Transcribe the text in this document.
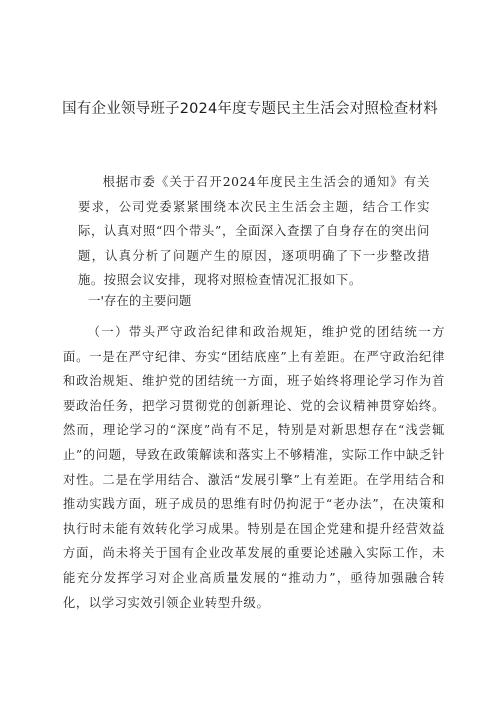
国有企业领导班子2024年度专题民主生活会对照检查材料
根据市委《关于召开2024年度民主生活会的通知》有关要求，公司党委紧紧围绕本次民主生活会主题，结合工作实际，认真对照“四个带头”，全面深入查摆了自身存在的突出问题，认真分析了问题产生的原因，逐项明确了下一步整改措施。按照会议安排，现将对照检查情况汇报如下。
一'存在的主要问题
（一）带头严守政治纪律和政治规矩，维护党的团结统一方面。一是在严守纪律、夯实“团结底座”上有差距。在严守政治纪律和政治规矩、维护党的团结统一方面，班子始终将理论学习作为首要政治任务，把学习贯彻党的创新理论、党的会议精神贯穿始终。然而，理论学习的“深度”尚有不足，特别是对新思想存在“浅尝辄止”的问题，导致在政策解读和落实上不够精准，实际工作中缺乏针对性。二是在学用结合、激活“发展引擎”上有差距。在学用结合和推动实践方面，班子成员的思维有时仍拘泥于“老办法”，在决策和执行时未能有效转化学习成果。特别是在国企党建和提升经营效益方面，尚未将关于国有企业改革发展的重要论述融入实际工作，未能充分发挥学习对企业高质量发展的“推动力”，亟待加强融合转化，以学习实效引领企业转型升级。
